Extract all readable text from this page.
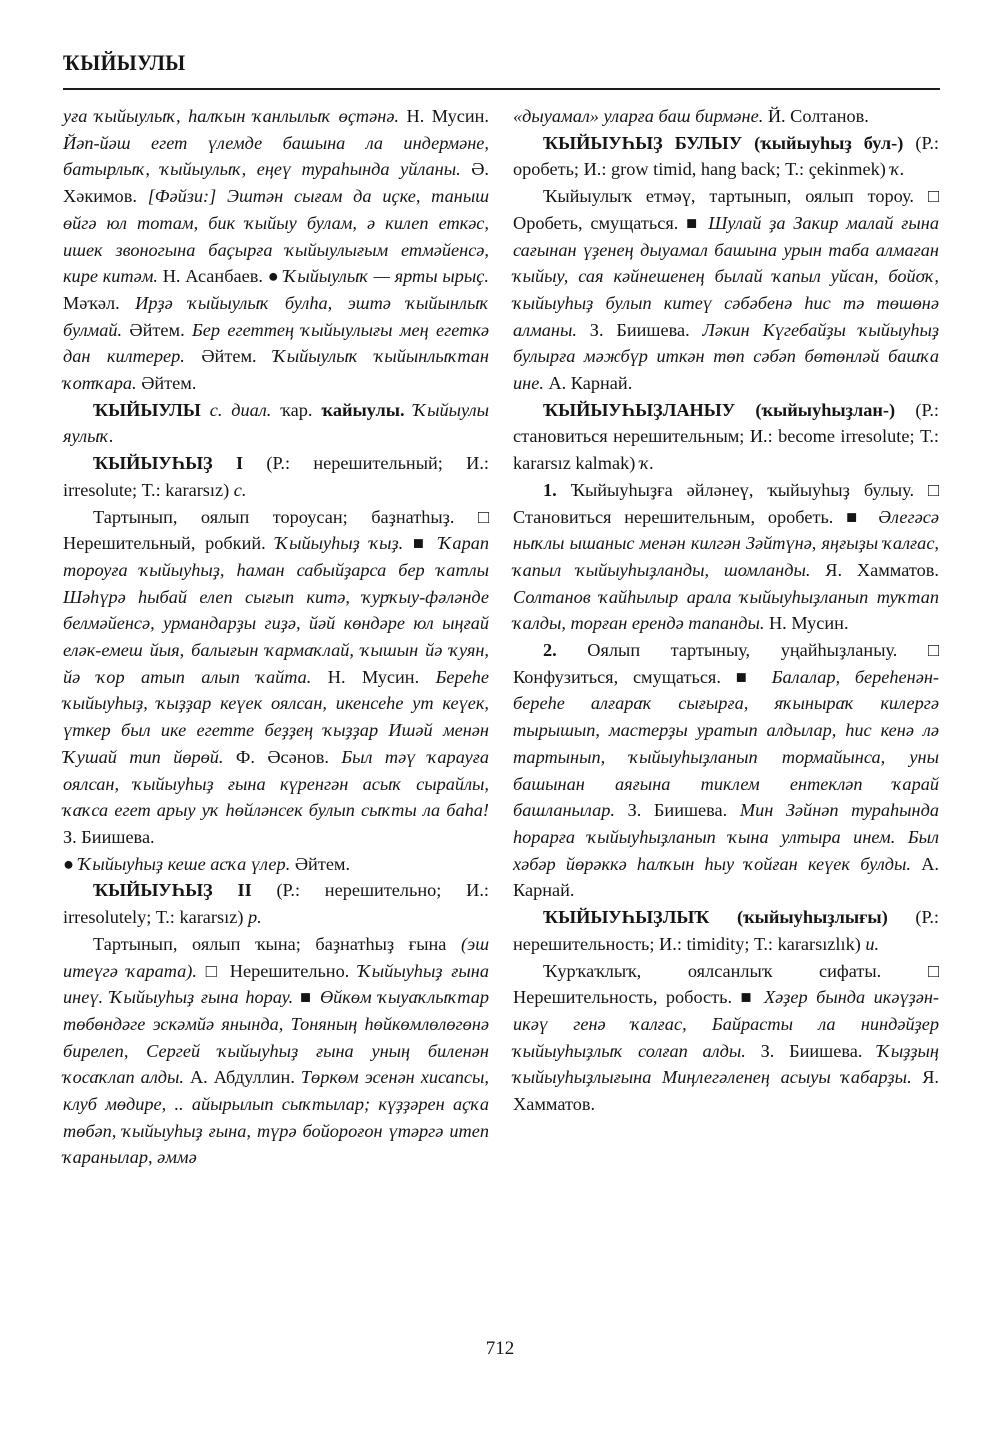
ҠЫЙЫУЛЫ

уға ҡыйыулыҡ, һалҡын ҡанлылыҡ өҫтәнә. Н. Мусин. Йәп-йәш егет үлемде башына ла индермәне, батырлыҡ, ҡыйыулыҡ, еңеү тураһында уйланы. Ә. Хәкимов. [Фәйзи:] Эштән сығам да иҫке, таныш өйгә юл тотам, бик ҡыйыу булам, ә килеп еткәс, ишек звоногына баҫырға ҡыйыулығым етмәйенсә, кире китәм. Н. Асанбаев. ● Ҡыйыулыҡ — ярты ырыҫ. Мәҡәл. Ирҙә ҡыйыулыҡ булһа, эштә ҡыйынлыҡ булмай. Әйтем. Бер егеттең ҡыйыулығы мең егеткә дан килтерер. Әйтем. Ҡыйыулыҡ ҡыйынлыҡтан ҡотҡара. Әйтем.

ҠЫЙЫУЛЫ с. диал. ҡар. ҡайыулы. Ҡыйыулы яулыҡ.

ҠЫЙЫУҺЫҘ I (Р.: нерешительный; И.: irresolute; Т.: kararsız) с.

Тартынып, оялып тороусан; баҙнатһыҙ. □ Нерешительный, робкий. Ҡыйыуһыҙ ҡыҙ. ■ Ҡарап тороуға ҡыйыуһыҙ, һаман сабыйҙарса бер ҡатлы Шәһүрә һыбай елеп сығып китә, ҡурҡыу-фәләнде белмәйенсә, урмандарҙы гиҙә, йәй көндәре юл ыңғай еләк-емеш йыя, балығын ҡармаҡлай, ҡышын йә ҡуян, йә ҡор атып алып ҡайта. Н. Мусин. Береһе ҡыйыуһыҙ, ҡыҙҙар кеүек оялсан, икенсеһе ут кеүек, үткер был ике егетте беҙҙең ҡыҙҙар Ишәй менән Ҡушай тип йөрөй. Ф. Әсәнов. Был тәү ҡарауға оялсан, ҡыйыуһыҙ ғына күренгән асыҡ сырайлы, ҡаҡса егет арыу уҡ һөйләнсек булып сыҡты ла баһа! З. Биишева.

● Ҡыйыуһыҙ кеше асҡа үлер. Әйтем.

ҠЫЙЫУҺЫҘ II (Р.: нерешительно; И.: irresolutely; Т.: kararsız) р.

Тартынып, оялып ҡына; баҙнатһыҙ ғына (эш итеүгә ҡарата). □ Нерешительно. Ҡыйыуһыҙ ғына инеү. Ҡыйыуһыҙ ғына һорау. ■ Өйкөм ҡыуаҡлыҡтар төбөндәге эскәмйә янында, Тоняның һөйкөмлөлөгөнә бирелеп, Сергей ҡыйыуһыҙ ғына уның биленән ҡосаҡлап алды. А. Абдуллин. Төркөм эсенән хисапсы, клуб мөдире, .. айырылып сыҡтылар; күҙҙәрен аҫҡа төбәп, ҡыйыуһыҙ ғына, түрә бойороғон үтәргә итеп ҡаранылар, әммә

«дыуамал» уларға баш бирмәне. Й. Солтанов.

ҠЫЙЫУҺЫҘ БУЛЫУ (ҡыйыуһыҙ бул-) (Р.: оробеть; И.: grow timid, hang back; Т.: çekinmek) ҡ.

Ҡыйыулыҡ етмәү, тартынып, оялып тороу. □ Оробеть, смущаться. ■ Шулай ҙа Закир малай ғына сағынан үҙенең дыуамал башына урын таба алмаған ҡыйыу, сая кәйнешенең былай ҡапыл уйсан, бойоҡ, ҡыйыуһыҙ булып китеү сәбәбенә һис тә төшөнә алманы. З. Биишева. Ләкин Күгебайҙы ҡыйыуһыҙ булырға мәжбүр иткән төп сәбәп бөтөнләй башҡа ине. А. Карнай.

ҠЫЙЫУҺЫҘЛАНЫУ (ҡыйыуһыҙлан-) (Р.: становиться нерешительным; И.: become irresolute; Т.: kararsız kalmak) ҡ.

1. Ҡыйыуһыҙға әйләнеү, ҡыйыуһыҙ булыу. □ Становиться нерешительным, оробеть. ■ Әлегәсә ныҡлы ышаныс менән килгән Зәйтүнә, яңғыҙы ҡалғас, ҡапыл ҡыйыуһыҙланды, шомланды. Я. Хамматов. Солтанов ҡайһылыр арала ҡыйыуһыҙланып туҡтап ҡалды, торған ерендә тапанды. Н. Мусин.

2. Оялып тартыныу, уңайһыҙланыу. □ Конфузиться, смущаться. ■ Балалар, береһенән-береһе алғараҡ сығырға, яҡыныраҡ килергә тырышып, мастерҙы уратып алдылар, һис кенә лә тартынып, ҡыйыуһыҙланып тормайынса, уны башынан аяғына тиклем ентекләп ҡарай башланылар. З. Биишева. Мин Зәйнәп тураһында һорарға ҡыйыуһыҙланып ҡына ултыра инем. Был хәбәр йөрәккә һалҡын һыу ҡойған кеүек булды. А. Карнай.

ҠЫЙЫУҺЫҘЛЫҠ (ҡыйыуһыҙлығы) (Р.: нерешительность; И.: timidity; Т.: kararsızlık) и.

Ҡурҡаҡлыҡ, оялсанлыҡ сифаты. □ Нерешительность, робость. ■ Хәҙер бында икәүҙән-икәү генә ҡалғас, Байрасты ла ниндәйҙер ҡыйыуһыҙлыҡ солғап алды. З. Биишева. Ҡыҙҙың ҡыйыуһыҙлығына Миңлегәленең асыуы ҡабарҙы. Я. Хамматов.

712
